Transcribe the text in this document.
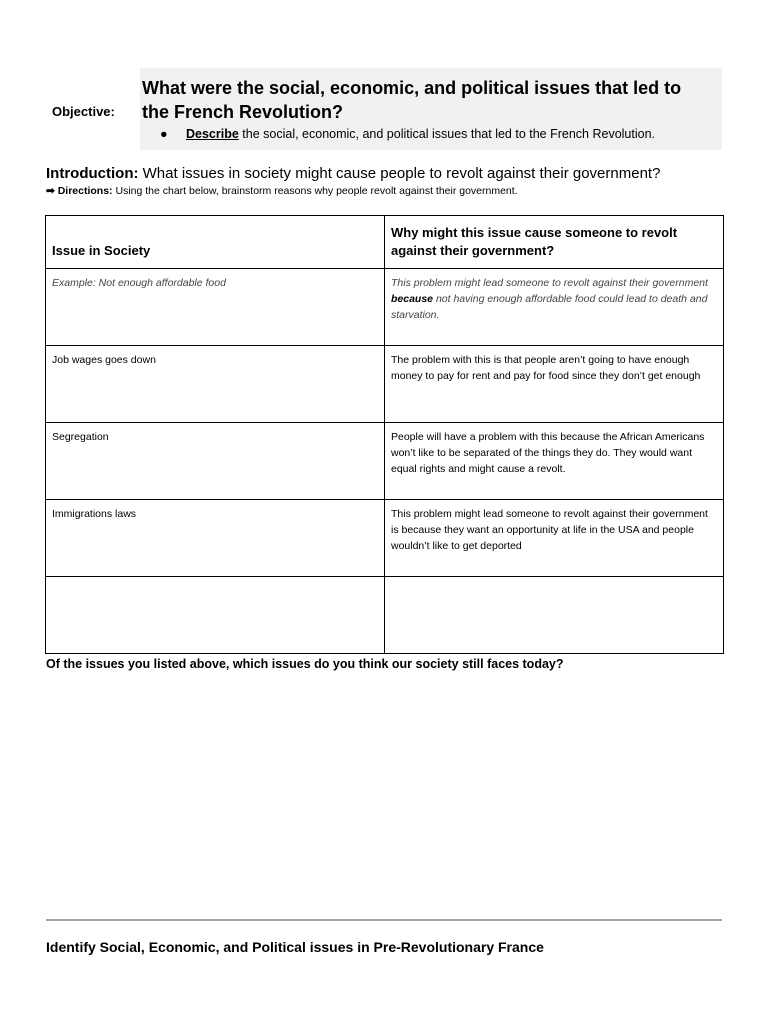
Objective:
What were the social, economic, and political issues that led to the French Revolution?
● Describe the social, economic, and political issues that led to the French Revolution.
Introduction: What issues in society might cause people to revolt against their government?
➡ Directions: Using the chart below, brainstorm reasons why people revolt against their government.
Issue in Society	Why might this issue cause someone to revolt against their government?
Example: Not enough affordable food	This problem might lead someone to revolt against their government because not having enough affordable food could lead to death and starvation.
Job wages goes down	The problem with this is that people aren’t going to have enough money to pay for rent and pay for food since they don’t get enough
Segregation	People will have a problem with this because the African Americans won’t like to be separated of the things they do. They would want equal rights and might cause a revolt.
Immigrations laws	This problem might lead someone to revolt against their government is because they want an opportunity at life in the USA and people wouldn’t like to get deported

Of the issues you listed above, which issues do you think our society still faces today?
Identify Social, Economic, and Political issues in Pre-Revolutionary France
